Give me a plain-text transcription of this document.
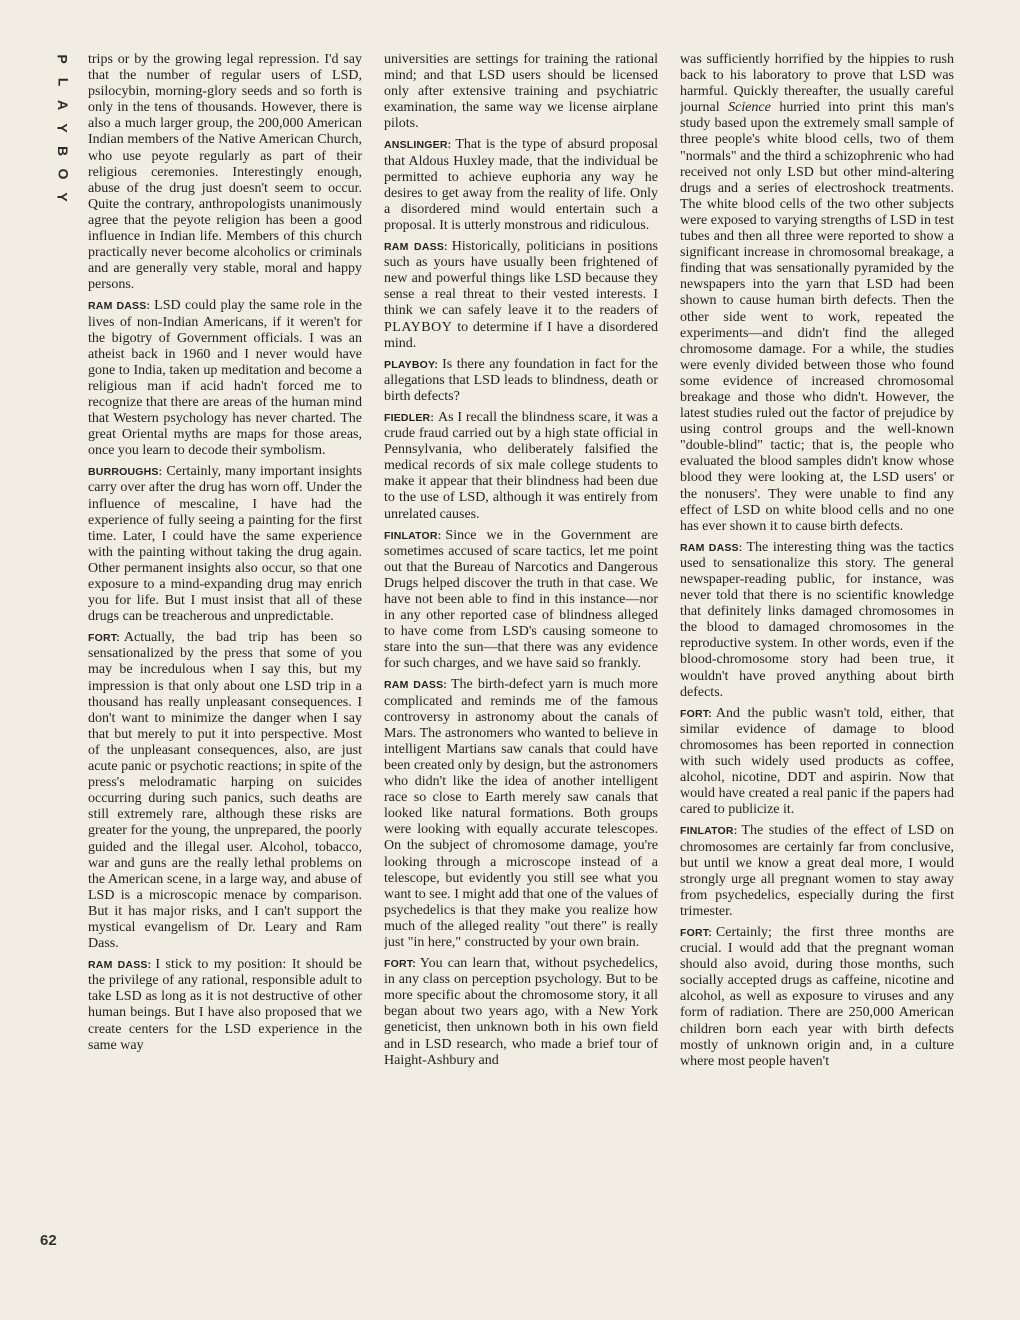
P
L
A
Y
B
O
Y

trips or by the growing legal repression. I'd say that the number of regular users of LSD, psilocybin, morning-glory seeds and so forth is only in the tens of thousands. However, there is also a much larger group, the 200,000 American Indian members of the Native American Church, who use peyote regularly as part of their religious ceremonies. Interestingly enough, abuse of the drug just doesn't seem to occur. Quite the contrary, anthropologists unanimously agree that the peyote religion has been a good influence in Indian life. Members of this church practically never become alcoholics or criminals and are generally very stable, moral and happy persons.

RAM DASS: LSD could play the same role in the lives of non-Indian Americans, if it weren't for the bigotry of Government officials. I was an atheist back in 1960 and I never would have gone to India, taken up meditation and become a religious man if acid hadn't forced me to recognize that there are areas of the human mind that Western psychology has never charted. The great Oriental myths are maps for those areas, once you learn to decode their symbolism.

BURROUGHS: Certainly, many important insights carry over after the drug has worn off. Under the influence of mescaline, I have had the experience of fully seeing a painting for the first time. Later, I could have the same experience with the painting without taking the drug again. Other permanent insights also occur, so that one exposure to a mind-expanding drug may enrich you for life. But I must insist that all of these drugs can be treacherous and unpredictable.

FORT: Actually, the bad trip has been so sensationalized by the press that some of you may be incredulous when I say this, but my impression is that only about one LSD trip in a thousand has really unpleasant consequences. I don't want to minimize the danger when I say that but merely to put it into perspective. Most of the unpleasant consequences, also, are just acute panic or psychotic reactions; in spite of the press's melodramatic harping on suicides occurring during such panics, such deaths are still extremely rare, although these risks are greater for the young, the unprepared, the poorly guided and the illegal user. Alcohol, tobacco, war and guns are the really lethal problems on the American scene, in a large way, and abuse of LSD is a microscopic menace by comparison. But it has major risks, and I can't support the mystical evangelism of Dr. Leary and Ram Dass.

RAM DASS: I stick to my position: It should be the privilege of any rational, responsible adult to take LSD as long as it is not destructive of other human beings. But I have also proposed that we create centers for the LSD experience in the same way

universities are settings for training the rational mind; and that LSD users should be licensed only after extensive training and psychiatric examination, the same way we license airplane pilots.

ANSLINGER: That is the type of absurd proposal that Aldous Huxley made, that the individual be permitted to achieve euphoria any way he desires to get away from the reality of life. Only a disordered mind would entertain such a proposal. It is utterly monstrous and ridiculous.

RAM DASS: Historically, politicians in positions such as yours have usually been frightened of new and powerful things like LSD because they sense a real threat to their vested interests. I think we can safely leave it to the readers of PLAYBOY to determine if I have a disordered mind.

PLAYBOY: Is there any foundation in fact for the allegations that LSD leads to blindness, death or birth defects?

FIEDLER: As I recall the blindness scare, it was a crude fraud carried out by a high state official in Pennsylvania, who deliberately falsified the medical records of six male college students to make it appear that their blindness had been due to the use of LSD, although it was entirely from unrelated causes.

FINLATOR: Since we in the Government are sometimes accused of scare tactics, let me point out that the Bureau of Narcotics and Dangerous Drugs helped discover the truth in that case. We have not been able to find in this instance—nor in any other reported case of blindness alleged to have come from LSD's causing someone to stare into the sun—that there was any evidence for such charges, and we have said so frankly.

RAM DASS: The birth-defect yarn is much more complicated and reminds me of the famous controversy in astronomy about the canals of Mars. The astronomers who wanted to believe in intelligent Martians saw canals that could have been created only by design, but the astronomers who didn't like the idea of another intelligent race so close to Earth merely saw canals that looked like natural formations. Both groups were looking with equally accurate telescopes. On the subject of chromosome damage, you're looking through a microscope instead of a telescope, but evidently you still see what you want to see. I might add that one of the values of psychedelics is that they make you realize how much of the alleged reality "out there" is really just "in here," constructed by your own brain.

FORT: You can learn that, without psychedelics, in any class on perception psychology. But to be more specific about the chromosome story, it all began about two years ago, with a New York geneticist, then unknown both in his own field and in LSD research, who made a brief tour of Haight-Ashbury and

was sufficiently horrified by the hippies to rush back to his laboratory to prove that LSD was harmful. Quickly thereafter, the usually careful journal Science hurried into print this man's study based upon the extremely small sample of three people's white blood cells, two of them "normals" and the third a schizophrenic who had received not only LSD but other mind-altering drugs and a series of electroshock treatments. The white blood cells of the two other subjects were exposed to varying strengths of LSD in test tubes and then all three were reported to show a significant increase in chromosomal breakage, a finding that was sensationally pyramided by the newspapers into the yarn that LSD had been shown to cause human birth defects. Then the other side went to work, repeated the experiments—and didn't find the alleged chromosome damage. For a while, the studies were evenly divided between those who found some evidence of increased chromosomal breakage and those who didn't. However, the latest studies ruled out the factor of prejudice by using control groups and the well-known "double-blind" tactic; that is, the people who evaluated the blood samples didn't know whose blood they were looking at, the LSD users' or the nonusers'. They were unable to find any effect of LSD on white blood cells and no one has ever shown it to cause birth defects.

RAM DASS: The interesting thing was the tactics used to sensationalize this story. The general newspaper-reading public, for instance, was never told that there is no scientific knowledge that definitely links damaged chromosomes in the blood to damaged chromosomes in the reproductive system. In other words, even if the blood-chromosome story had been true, it wouldn't have proved anything about birth defects.

FORT: And the public wasn't told, either, that similar evidence of damage to blood chromosomes has been reported in connection with such widely used products as coffee, alcohol, nicotine, DDT and aspirin. Now that would have created a real panic if the papers had cared to publicize it.

FINLATOR: The studies of the effect of LSD on chromosomes are certainly far from conclusive, but until we know a great deal more, I would strongly urge all pregnant women to stay away from psychedelics, especially during the first trimester.

FORT: Certainly; the first three months are crucial. I would add that the pregnant woman should also avoid, during those months, such socially accepted drugs as caffeine, nicotine and alcohol, as well as exposure to viruses and any form of radiation. There are 250,000 American children born each year with birth defects mostly of unknown origin and, in a culture where most people haven't

62
